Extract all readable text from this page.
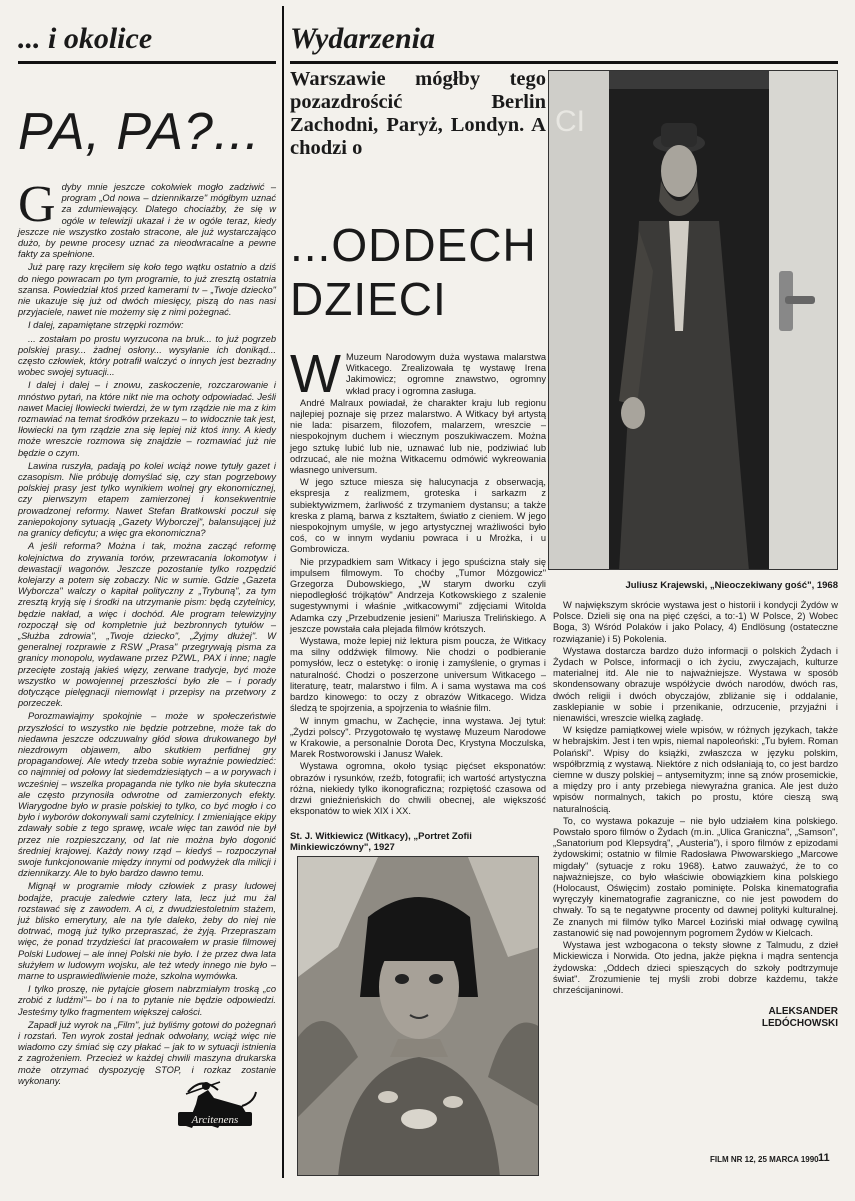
... i okolice
PA, PA?...

Gdyby mnie jeszcze cokolwiek mogło zadziwić – program „Od nowa – dziennikarze" mógłbym uznać za zdumiewający. Dlatego chociażby, że się w ogóle w telewizji ukazał i że w ogóle teraz, kiedy jeszcze nie wszystko zostało stracone, ale już wystarczająco dużo, by pewne procesy uznać za nieodwracalne a pewne fakty za spełnione.

Już parę razy kręciłem się koło tego wątku ostatnio a dziś do niego powracam po tym programie, to już zresztą ostatnia szansa. Powiedział ktoś przed kamerami tv – „Twoje dziecko" nie ukazuje się już od dwóch miesięcy, piszą do nas nasi przyjaciele, nawet nie możemy się z nimi pożegnać.

I dalej, zapamiętane strzępki rozmów:

... zostałam po prostu wyrzucona na bruk... to już pogrzeb polskiej prasy... żadnej osłony... wysyłanie ich donikąd... często człowiek, który potrafił walczyć o innych jest bezradny wobec swojej sytuacji...

I dalej i dalej – i znowu, zaskoczenie, rozczarowanie i mnóstwo pytań, na które nikt nie ma ochoty odpowiadać. Jeśli nawet Maciej Iłowiecki twierdzi, że w tym rządzie nie ma z kim rozmawiać na temat środków przekazu – to widocznie tak jest, Iłowiecki na tym rządzie zna się lepiej niż ktoś inny. A kiedy może wreszcie rozmowa się znajdzie – rozmawiać już nie będzie o czym.

Lawina ruszyła, padają po kolei wciąż nowe tytuły gazet i czasopism. Nie próbuję domyślać się, czy stan pogrzebowy polskiej prasy jest tylko wynikiem wolnej gry ekonomicznej, czy pierwszym etapem zamierzonej i konsekwentnie prowadzonej reformy. Nawet Stefan Bratkowski poczuł się zaniepokojony sytuacją „Gazety Wyborczej", balansującej już na granicy deficytu; a więc gra ekonomiczna?

A jeśli reforma? Można i tak, można zacząć reformę kolejnictwa do zrywania torów, przewracania lokomotyw i dewastacji wagonów. Jeszcze pozostanie tylko rozpędzić kolejarzy a potem się zobaczy. Nic w sumie. Gdzie „Gazeta Wyborcza" walczy o kapitał polityczny z „Trybuną", za tym zresztą kryją się i środki na utrzymanie pism: będą czytelnicy, będzie nakład, a więc i dochód. Ale program telewizyjny rozpoczął się od kompletnie już bezbronnych tytułów – „Służba zdrowia", „Twoje dziecko", „Żyjmy dłużej". W generalnej rozprawie z RSW „Prasa" przegrywają pisma za granicy monopolu, wydawane przez PZWL, PAX i inne; nagle przecięte zostają jakieś więzy, zerwane tradycje, być może wszystko w powojennej przeszłości było złe – i porady dotyczące pielęgnacji niemowląt i przepisy na przetwory z porzeczek.

Porozmawiajmy spokojnie – może w społeczeństwie przyszłości to wszystko nie będzie potrzebne, może tak do niedawna jeszcze odczuwalny głód słowa drukowanego był niezdrowym objawem, albo skutkiem perfidnej gry propagandowej. Ale wtedy trzeba sobie wyraźnie powiedzieć: co najmniej od połowy lat siedemdziesiątych – a w porywach i wcześniej – wszelka propaganda nie tylko nie była skuteczna ale często przynosiła odwrotne od zamierzonych efekty. Wiarygodne było w prasie polskiej to tylko, co być mogło i co było i wyborów dokonywali sami czytelnicy. I zmieniające ekipy zdawały sobie z tego sprawę, wcale więc tan zawód nie był przez nie rozpieszczany, od lat nie można było dogonić średniej krajowej. Każdy nowy rząd – kiedyś – rozpoczynał swoje funkcjonowanie między innymi od podwyżek dla milicji i dziennikarzy. Ale to było bardzo dawno temu.

Mignął w programie młody człowiek z prasy ludowej bodajże, pracuje zaledwie cztery lata, lecz już mu żal rozstawać się z zawodem. A ci, z dwudziestoletnim stażem, już blisko emerytury, ale na tyle daleko, żeby do niej nie dotrwać, mogą już tylko przepraszać, że żyją. Przepraszam więc, że ponad trzydzieści lat pracowałem w prasie filmowej Polski Ludowej – ale innej Polski nie było. I że przez dwa lata służyłem w ludowym wojsku, ale też wtedy innego nie było – marne to usprawiedliwienie może, szkolna wymówka.

I tylko proszę, nie pytajcie głosem nabrzmiałym troską „co zrobić z ludźmi"– bo i na to pytanie nie będzie odpowiedzi. Jesteśmy tylko fragmentem większej całości.

Zapadł już wyrok na „Film", już byliśmy gotowi do pożegnań i rozstań. Ten wyrok został jednak odwołany, wciąż więc nie wiadomo czy śmiać się czy płakać – jak to w sytuacji istnienia z zagrożeniem. Przecież w każdej chwili maszyna drukarska może otrzymać dyspozycję STOP, i rozkaz zostanie wykonany.

Arcitenens
Wydarzenia
Warszawie mógłby tego pozazdrościć Berlin Zachodni, Paryż, Londyn. A chodzi o
...ODDECH
DZIECI

W Muzeum Narodowym duża wystawa malarstwa Witkacego. Zrealizowała tę wystawę Irena Jakimowicz; ogromne znawstwo, ogromny wkład pracy i ogromna zasługa.

André Malraux powiadał, że charakter kraju lub regionu najlepiej poznaje się przez malarstwo. A Witkacy był artystą nie lada: pisarzem, filozofem, malarzem, wreszcie – niespokojnym duchem i wiecznym poszukiwaczem. Można jego sztukę lubić lub nie, uznawać lub nie, podziwiać lub odrzucać, ale nie można Witkacemu odmówić wykreowania własnego universum.

W jego sztuce miesza się halucynacja z obserwacją, ekspresja z realizmem, groteska i sarkazm z subiektywizmem, żarliwość z trzymaniem dystansu; a także kreska z plamą, barwa z kształtem, światło z cieniem. W jego niespokojnym umyśle, w jego artystycznej wrażliwości było coś, co w innym wydaniu powraca i u Mrożka, i u Gombrowicza.

Nie przypadkiem sam Witkacy i jego spuścizna stały się impulsem filmowym. To choćby „Tumor Mózgowicz" Grzegorza Dubowskiego, „W starym dworku czyli niepodległość trójkątów" Andrzeja Kotkowskiego z szalenie sugestywnymi i właśnie „witkacowymi" zdjęciami Witolda Adamka czy „Przebudzenie jesieni" Mariusza Trelińskiego. A jeszcze powstała cała plejada filmów krótszych.

Wystawa, może lepiej niż lektura pism poucza, że Witkacy ma silny oddźwięk filmowy. Nie chodzi o podbieranie pomysłów, lecz o estetykę: o ironię i zamyślenie, o grymas i naturalność. Chodzi o poszerzone universum Witkacego – literaturę, teatr, malarstwo i film. A i sama wystawa ma coś bardzo kinowego: to oczy z obrazów Witkacego. Widza śledzą te spojrzenia, a spojrzenia to właśnie film.

W innym gmachu, w Zachęcie, inna wystawa. Jej tytuł: „Żydzi polscy". Przygotowało tę wystawę Muzeum Narodowe w Krakowie, a personalnie Dorota Dec, Krystyna Moczulska, Marek Rostworowski i Janusz Wałek.

Wystawa ogromna, około tysiąc pięćset eksponatów: obrazów i rysunków, rzeźb, fotografii; ich wartość artystyczna różna, niekiedy tylko ikonograficzna; rozpiętość czasowa od drzwi gnieźnieńskich do chwili obecnej, ale większość eksponatów to wiek XIX i XX.

St. J. Witkiewicz (Witkacy), „Portret Zofii Minkiewiczówny", 1927
CI
Juliusz Krajewski, „Nieoczekiwany gość", 1968

W największym skrócie wystawa jest o historii i kondycji Żydów w Polsce. Dzieli się ona na pięć części, a to:-1) W Polsce, 2) Wobec Boga, 3) Wśród Polaków i jako Polacy, 4) Endlösung (ostateczne rozwiązanie) i 5) Pokolenia.

Wystawa dostarcza bardzo dużo informacji o polskich Żydach i Żydach w Polsce, informacji o ich życiu, zwyczajach, kulturze materialnej itd. Ale nie to najważniejsze. Wystawa w sposób skondensowany obrazuje współżycie dwóch narodów, dwóch ras, dwóch religii i dwóch obyczajów, zbliżanie się i oddalanie, zasklepianie w sobie i przenikanie, odrzucenie, przyjaźni i nienawiści, wreszcie wielką zagładę.

W księdze pamiątkowej wiele wpisów, w różnych językach, także w hebrajskim. Jest i ten wpis, niemal napoleoński: „Tu byłem. Roman Polański". Wpisy do książki, zwłaszcza w języku polskim, współbrzmią z wystawą. Niektóre z nich odsłaniają to, co jest bardzo ciemne w duszy polskiej – antysemityzm; inne są znów prosemickie, a między pro i anty przebiega niewyraźna granica. Ale jest dużo wpisów normalnych, takich po prostu, które cieszą swą naturalnością.

To, co wystawa pokazuje – nie było udziałem kina polskiego. Powstało sporo filmów o Żydach (m.in. „Ulica Graniczna", „Samson", „Sanatorium pod Klepsydrą", „Austeria"), i sporo filmów z epizodami żydowskimi; ostatnio w filmie Radosława Piwowarskiego „Marcowe migdały" (sytuacje z roku 1968). Łatwo zauważyć, że to co najważniejsze, co było właściwie obowiązkiem kina polskiego (Holocaust, Oświęcim) zostało pominięte. Polska kinematografia wyręczyły kinematografie zagraniczne, co nie jest powodem do chwały. To są te negatywne procenty od dawnej polityki kulturalnej. Ze znanych mi filmów tylko Marcel Łoziński miał odwagę cywilną zastanowić się nad powojennym pogromem Żydów w Kielcach.

Wystawa jest wzbogacona o teksty słowne z Talmudu, z dzieł Mickiewicza i Norwida. Oto jedna, jakże piękna i mądra sentencja żydowska: „Oddech dzieci spieszących do szkoły podtrzymuje świat". Zrozumienie tej myśli zrobi dobrze każdemu, także chrześcijaninowi.

ALEKSANDER
LEDÓCHOWSKI
FILM NR 12, 25 MARCA 1990 11
